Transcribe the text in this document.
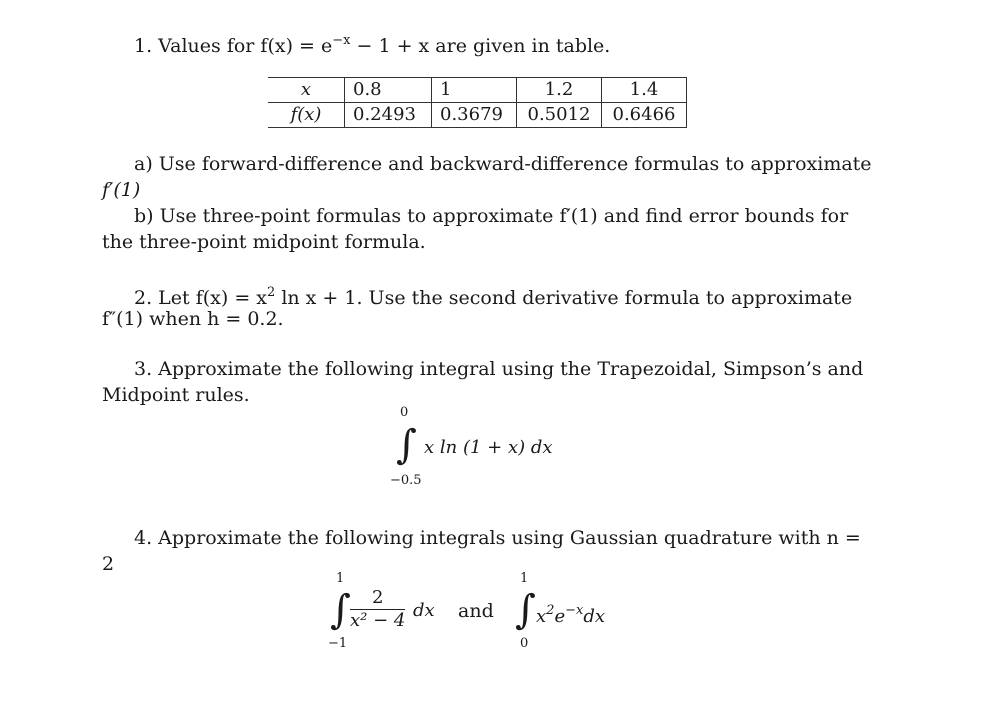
1. Values for $f(x) = e^{-x} - 1 + x$ are given in table.
x	0.8	1	1.2	1.4
f(x)	0.2493	0.3679	0.5012	0.6466
a) Use forward-difference and backward-difference formulas to approximate
f′(1)
b) Use three-point formulas to approximate f′(1) and find error bounds for
the three-point midpoint formula.
2. Let $f(x) = x^2$ ln x + 1. Use the second derivative formula to approximate
f″(1) when h = 0.2.
3. Approximate the following integral using the Trapezoidal, Simpson’s and
Midpoint rules.
0
∫
−0.5
x ln (1 + x) dx
4. Approximate the following integrals using Gaussian quadrature with n =
2
1
∫
−1
$\frac{2}{\text{x² − 4}}$ dx and
1
∫
0
$x^2e^{-x}dx$
